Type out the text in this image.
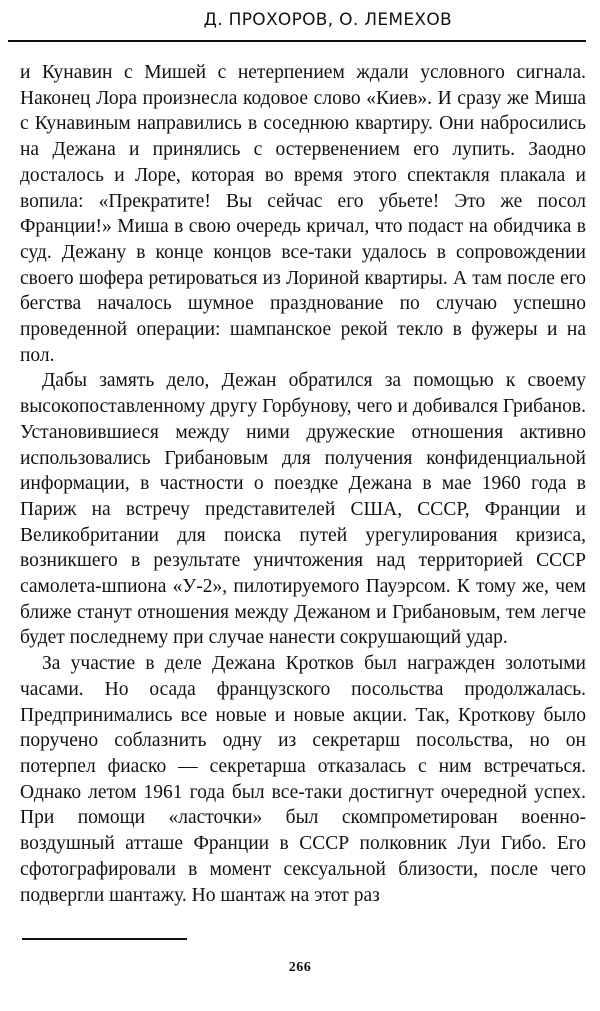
Д. ПРОХОРОВ, О. ЛЕМЕХОВ

и Кунавин с Мишей с нетерпением ждали условного сигнала. Наконец Лора произнесла кодовое слово «Киев». И сразу же Миша с Кунавиным направились в соседнюю квартиру. Они набросились на Дежана и принялись с остервенением его лупить. Заодно досталось и Лоре, которая во время этого спектакля плакала и вопила: «Прекратите! Вы сейчас его убьете! Это же посол Франции!» Миша в свою очередь кричал, что подаст на обидчика в суд. Дежану в конце концов все-таки удалось в сопровождении своего шофера ретироваться из Лориной квартиры. А там после его бегства началось шумное празднование по случаю успешно проведенной операции: шампанское рекой текло в фужеры и на пол.

Дабы замять дело, Дежан обратился за помощью к своему высокопоставленному другу Горбунову, чего и добивался Грибанов. Установившиеся между ними дружеские отношения активно использовались Грибановым для получения конфиденциальной информации, в частности о поездке Дежана в мае 1960 года в Париж на встречу представителей США, СССР, Франции и Великобритании для поиска путей урегулирования кризиса, возникшего в результате уничтожения над территорией СССР самолета-шпиона «У-2», пилотируемого Пауэрсом. К тому же, чем ближе станут отношения между Дежаном и Грибановым, тем легче будет последнему при случае нанести сокрушающий удар.

За участие в деле Дежана Кротков был награжден золотыми часами. Но осада французского посольства продолжалась. Предпринимались все новые и новые акции. Так, Кроткову было поручено соблазнить одну из секретарш посольства, но он потерпел фиаско — секретарша отказалась с ним встречаться. Однако летом 1961 года был все-таки достигнут очередной успех. При помощи «ласточки» был скомпрометирован военно-воздушный атташе Франции в СССР полковник Луи Гибо. Его сфотографировали в момент сексуальной близости, после чего подвергли шантажу. Но шантаж на этот раз

266
